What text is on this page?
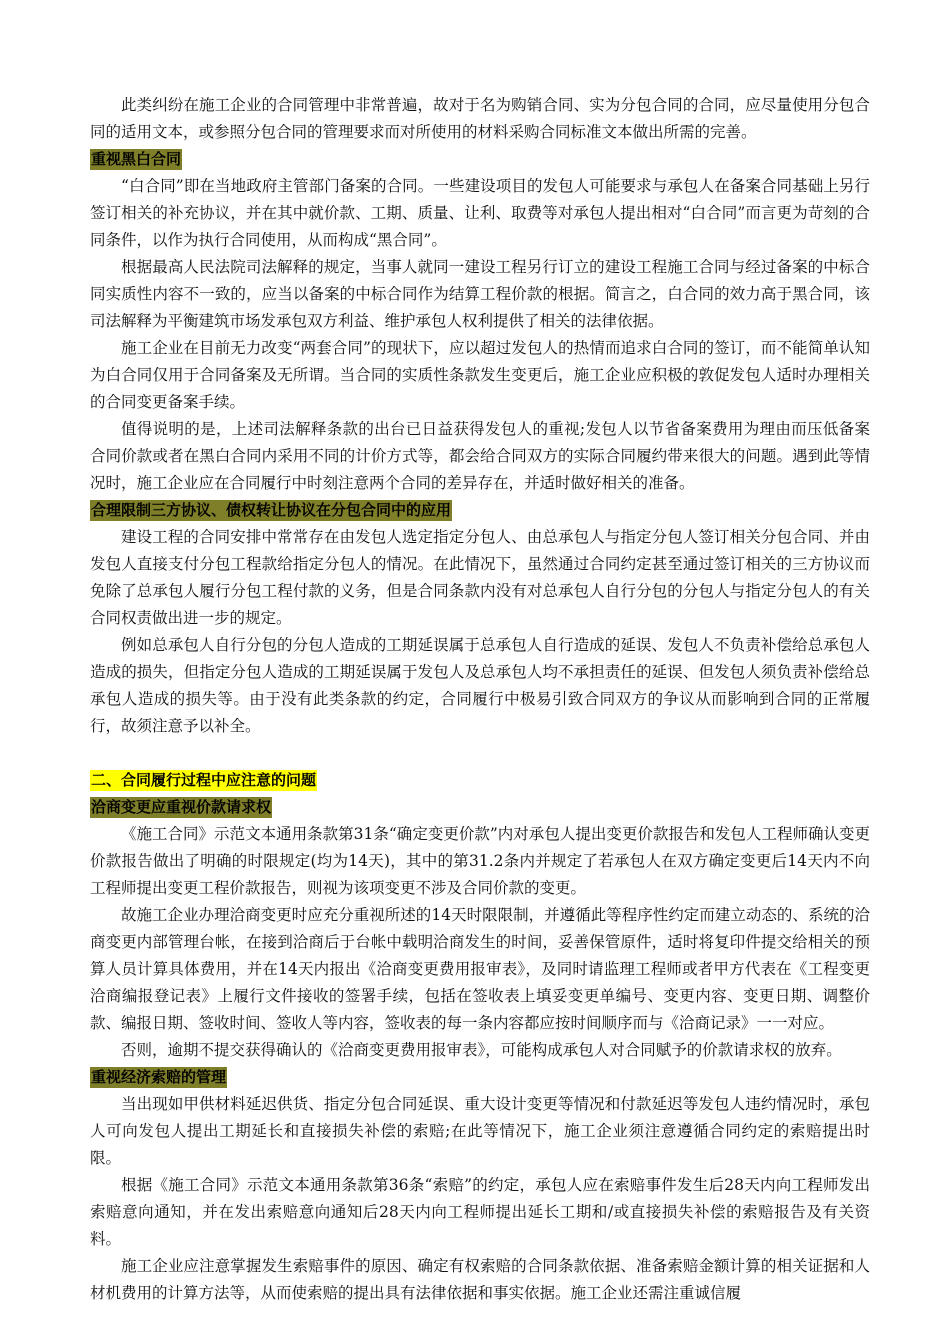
此类纠纷在施工企业的合同管理中非常普遍，故对于名为购销合同、实为分包合同的合同，应尽量使用分包合同的适用文本，或参照分包合同的管理要求而对所使用的材料采购合同标准文本做出所需的完善。

重视黑白合同

“白合同”即在当地政府主管部门备案的合同。一些建设项目的发包人可能要求与承包人在备案合同基础上另行签订相关的补充协议，并在其中就价款、工期、质量、让利、取费等对承包人提出相对“白合同”而言更为苛刻的合同条件，以作为执行合同使用，从而构成“黑合同”。

根据最高人民法院司法解释的规定，当事人就同一建设工程另行订立的建设工程施工合同与经过备案的中标合同实质性内容不一致的，应当以备案的中标合同作为结算工程价款的根据。简言之，白合同的效力高于黑合同，该司法解释为平衡建筑市场发承包双方利益、维护承包人权利提供了相关的法律依据。

施工企业在目前无力改变“两套合同”的现状下，应以超过发包人的热情而追求白合同的签订，而不能简单认知为白合同仅用于合同备案及无所谓。当合同的实质性条款发生变更后，施工企业应积极的敦促发包人适时办理相关的合同变更备案手续。

值得说明的是，上述司法解释条款的出台已日益获得发包人的重视;发包人以节省备案费用为理由而压低备案合同价款或者在黑白合同内采用不同的计价方式等，都会给合同双方的实际合同履约带来很大的问题。遇到此等情况时，施工企业应在合同履行中时刻注意两个合同的差异存在，并适时做好相关的准备。

合理限制三方协议、债权转让协议在分包合同中的应用

建设工程的合同安排中常常存在由发包人选定指定分包人、由总承包人与指定分包人签订相关分包合同、并由发包人直接支付分包工程款给指定分包人的情况。在此情况下，虽然通过合同约定甚至通过签订相关的三方协议而免除了总承包人履行分包工程付款的义务，但是合同条款内没有对总承包人自行分包的分包人与指定分包人的有关合同权责做出进一步的规定。

例如总承包人自行分包的分包人造成的工期延误属于总承包人自行造成的延误、发包人不负责补偿给总承包人造成的损失，但指定分包人造成的工期延误属于发包人及总承包人均不承担责任的延误、但发包人须负责补偿给总承包人造成的损失等。由于没有此类条款的约定，合同履行中极易引致合同双方的争议从而影响到合同的正常履行，故须注意予以补全。

二、合同履行过程中应注意的问题
洽商变更应重视价款请求权

《施工合同》示范文本通用条款第31条“确定变更价款”内对承包人提出变更价款报告和发包人工程师确认变更价款报告做出了明确的时限规定(均为14天)，其中的第31.2条内并规定了若承包人在双方确定变更后14天内不向工程师提出变更工程价款报告，则视为该项变更不涉及合同价款的变更。

故施工企业办理洽商变更时应充分重视所述的14天时限限制，并遵循此等程序性约定而建立动态的、系统的洽商变更内部管理台帐，在接到洽商后于台帐中载明洽商发生的时间，妥善保管原件，适时将复印件提交给相关的预算人员计算具体费用，并在14天内报出《洽商变更费用报审表》，及同时请监理工程师或者甲方代表在《工程变更洽商编报登记表》上履行文件接收的签署手续，包括在签收表上填妥变更单编号、变更内容、变更日期、调整价款、编报日期、签收时间、签收人等内容，签收表的每一条内容都应按时间顺序而与《洽商记录》一一对应。

否则，逾期不提交获得确认的《洽商变更费用报审表》，可能构成承包人对合同赋予的价款请求权的放弃。

重视经济索赔的管理

当出现如甲供材料延迟供货、指定分包合同延误、重大设计变更等情况和付款延迟等发包人违约情况时，承包人可向发包人提出工期延长和直接损失补偿的索赔;在此等情况下，施工企业须注意遵循合同约定的索赔提出时限。

根据《施工合同》示范文本通用条款第36条“索赔”的约定，承包人应在索赔事件发生后28天内向工程师发出索赔意向通知，并在发出索赔意向通知后28天内向工程师提出延长工期和/或直接损失补偿的索赔报告及有关资料。

施工企业应注意掌握发生索赔事件的原因、确定有权索赔的合同条款依据、准备索赔金额计算的相关证据和人材机费用的计算方法等，从而使索赔的提出具有法律依据和事实依据。施工企业还需注重诚信履
